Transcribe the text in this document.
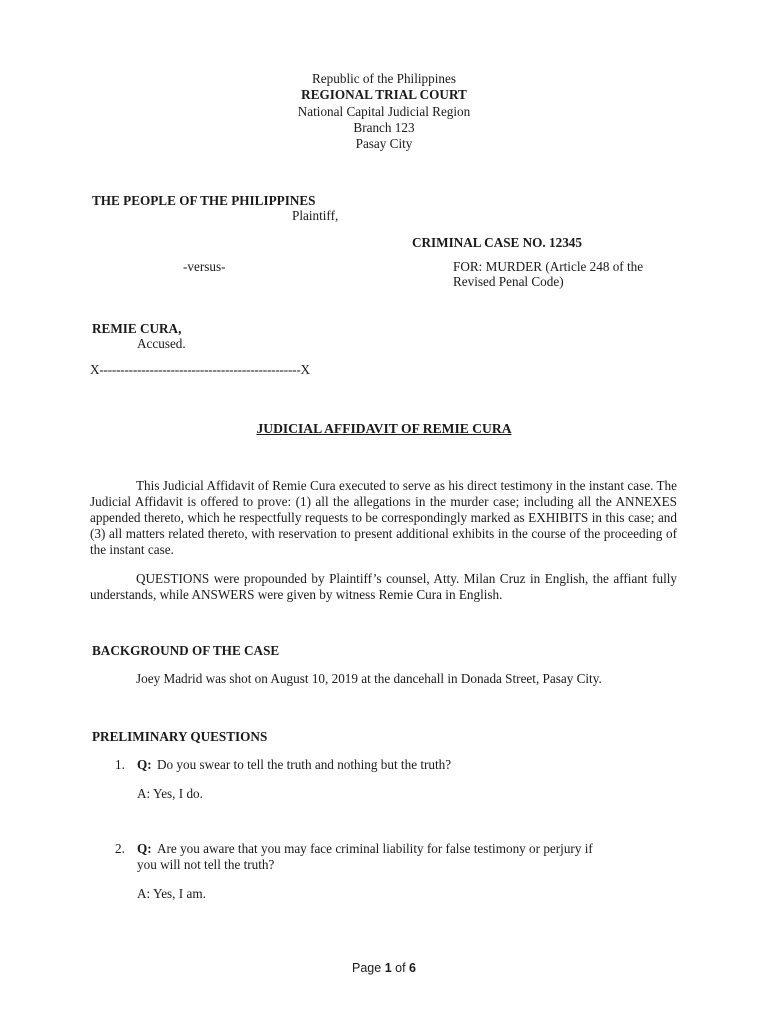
Republic of the Philippines
REGIONAL TRIAL COURT
National Capital Judicial Region
Branch 123
Pasay City
THE PEOPLE OF THE PHILIPPINES
Plaintiff,
CRIMINAL CASE NO. 12345
-versus-	FOR: MURDER (Article 248 of the
Revised Penal Code)
REMIE CURA,
Accused.
X------------------------------------------------X
JUDICIAL AFFIDAVIT OF REMIE CURA
This Judicial Affidavit of Remie Cura executed to serve as his direct testimony in the instant case. The Judicial Affidavit is offered to prove: (1) all the allegations in the murder case; including all the ANNEXES appended thereto, which he respectfully requests to be correspondingly marked as EXHIBITS in this case; and (3) all matters related thereto, with reservation to present additional exhibits in the course of the proceeding of the instant case.
QUESTIONS were propounded by Plaintiff’s counsel, Atty. Milan Cruz in English, the affiant fully understands, while ANSWERS were given by witness Remie Cura in English.
BACKGROUND OF THE CASE
Joey Madrid was shot on August 10, 2019 at the dancehall in Donada Street, Pasay City.
PRELIMINARY QUESTIONS
1. Q: Do you swear to tell the truth and nothing but the truth?
A: Yes, I do.
2. Q: Are you aware that you may face criminal liability for false testimony or perjury if
you will not tell the truth?
A: Yes, I am.
Page 1 of 6
